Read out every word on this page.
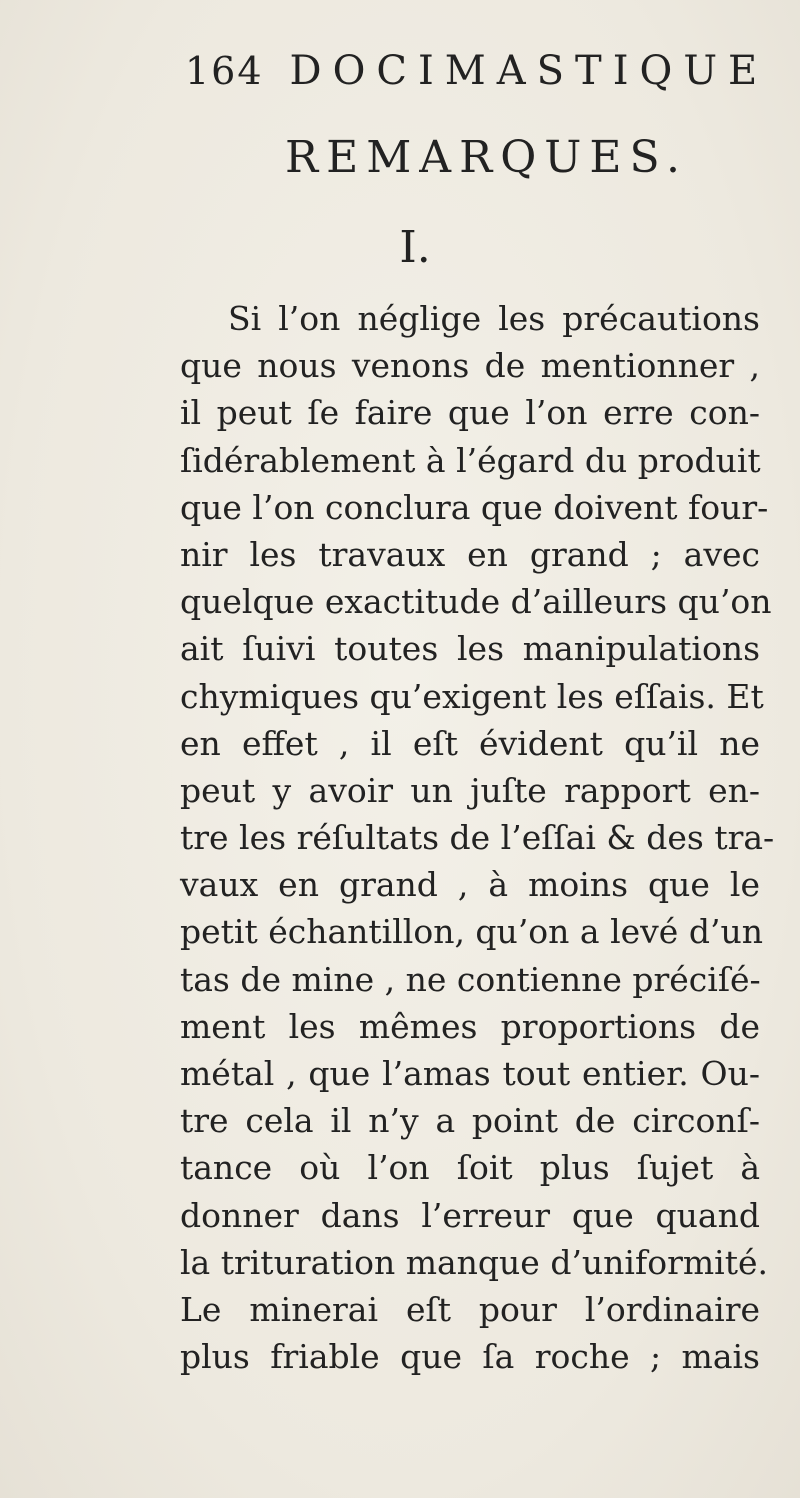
164 DOCIMASTIQUE
REMARQUES.
I.
Si l’on néglige les précautions
que nous venons de mentionner ,
il peut ſe faire que l’on erre con-
ſidérablement à l’égard du produit
que l’on conclura que doivent four-
nir les travaux en grand ; avec
quelque exactitude d’ailleurs qu’on
ait ſuivi toutes les manipulations
chymiques qu’exigent les eſſais. Et
en effet , il eſt évident qu’il ne
peut y avoir un juſte rapport en-
tre les réſultats de l’eſſai & des tra-
vaux en grand , à moins que le
petit échantillon, qu’on a levé d’un
tas de mine , ne contienne préciſé-
ment les mêmes proportions de
métal , que l’amas tout entier. Ou-
tre cela il n’y a point de circonſ-
tance où l’on ſoit plus ſujet à
donner dans l’erreur que quand
la trituration manque d’uniformité.
Le minerai eſt pour l’ordinaire
plus friable que ſa roche ; mais
